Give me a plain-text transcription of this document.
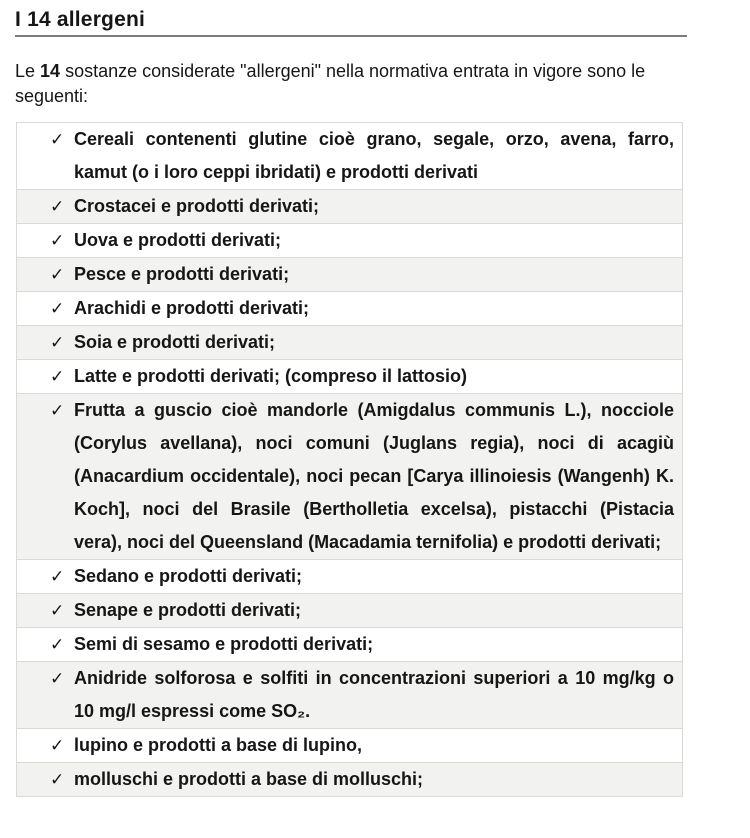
I 14 allergeni

Le 14 sostanze considerate "allergeni" nella normativa entrata in vigore sono le seguenti:

✓ Cereali contenenti glutine cioè grano, segale, orzo, avena, farro, kamut (o i loro ceppi ibridati) e prodotti derivati
✓ Crostacei e prodotti derivati;
✓ Uova e prodotti derivati;
✓ Pesce e prodotti derivati;
✓ Arachidi e prodotti derivati;
✓ Soia e prodotti derivati;
✓ Latte e prodotti derivati; (compreso il lattosio)
✓ Frutta a guscio cioè mandorle (Amigdalus communis L.), nocciole (Corylus avellana), noci comuni (Juglans regia), noci di acagiù (Anacardium occidentale), noci pecan [Carya illinoiesis (Wangenh) K. Koch], noci del Brasile (Bertholletia excelsa), pistacchi (Pistacia vera), noci del Queensland (Macadamia ternifolia) e prodotti derivati;
✓ Sedano e prodotti derivati;
✓ Senape e prodotti derivati;
✓ Semi di sesamo e prodotti derivati;
✓ Anidride solforosa e solfiti in concentrazioni superiori a 10 mg/kg o 10 mg/l espressi come SO₂.
✓ lupino e prodotti a base di lupino,
✓ molluschi e prodotti a base di molluschi;
